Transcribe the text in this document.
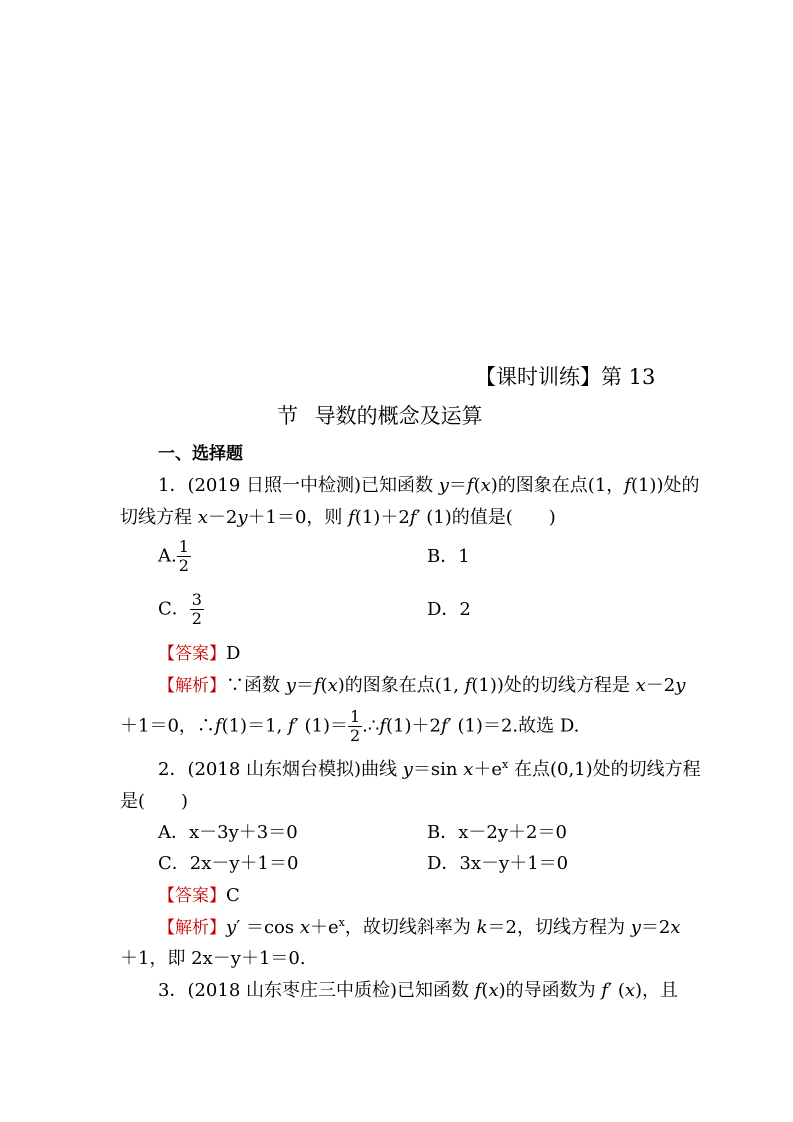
【课时训练】第 13
节 导数的概念及运算
一、选择题
1．(2019 日照一中检测)已知函数 y＝f(x)的图象在点(1，f(1))处的
切线方程 x－2y＋1＝0，则 f(1)＋2f′ (1)的值是(　　)
A. $\frac{1}{2}$	B．1
C． $\frac{3}{2}$	D．2
【答案】D
【解析】∵函数 y＝f(x)的图象在点(1, f(1))处的切线方程是 x－2y
＋1＝0，∴f(1)＝1, f′ $(1)= \frac{1}{2}$ .∴f(1)＋2f′ (1)＝2.故选 D.
2．(2018 山东烟台模拟)曲线 y＝sin $x+e^x$ 在点(0,1)处的切线方程
是(　　)
A．x－3y＋3＝0	B．x－2y＋2＝0
C．2x－y＋1＝0	D．3x－y＋1＝0
【答案】C
【解析】y′ ＝cos $x+e^x$，故切线斜率为 k＝2，切线方程为 y＝2x
＋1，即 2x－y＋1＝0.
3．(2018 山东枣庄三中质检)已知函数 f(x)的导函数为 f′ (x)，且
